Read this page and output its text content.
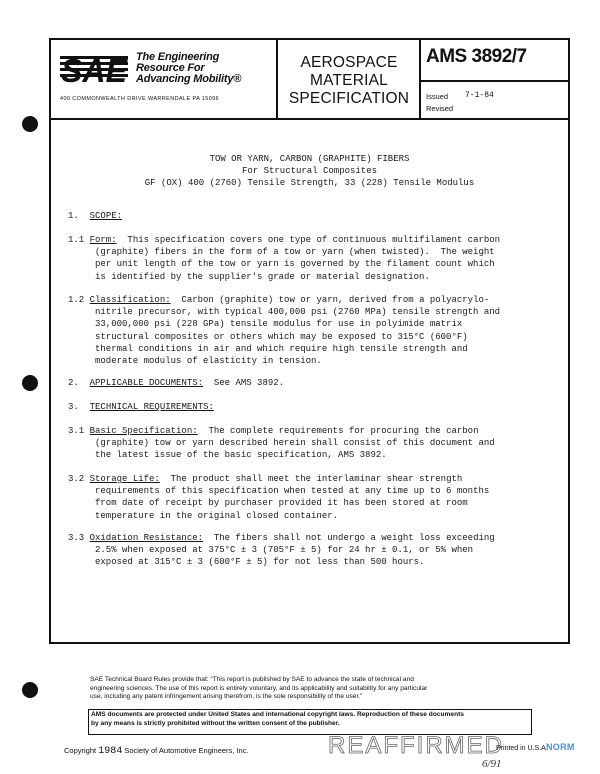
SAE The Engineering
Resource For
Advancing Mobility®
400 COMMONWEALTH DRIVE WARRENDALE PA 15096
AEROSPACE
MATERIAL
SPECIFICATION
AMS 3892/7
Issued 7-1-84
Revised
TOW OR YARN, CARBON (GRAPHITE) FIBERS
For Structural Composites
GF (OX) 400 (2760) Tensile Strength, 33 (228) Tensile Modulus
1. SCOPE:
1.1 Form:  This specification covers one type of continuous multifilament carbon
(graphite) fibers in the form of a tow or yarn (when twisted).  The weight
per unit length of the tow or yarn is governed by the filament count which
is identified by the supplier's grade or material designation.
1.2 Classification:  Carbon (graphite) tow or yarn, derived from a polyacrylo-
nitrile precursor, with typical 400,000 psi (2760 MPa) tensile strength and
33,000,000 psi (228 GPa) tensile modulus for use in polyimide matrix
structural composites or others which may be exposed to 315°C (600°F)
thermal conditions in air and which require high tensile strength and
moderate modulus of elasticity in tension.
2. APPLICABLE DOCUMENTS:  See AMS 3892.
3. TECHNICAL REQUIREMENTS:
3.1 Basic Specification:  The complete requirements for procuring the carbon
(graphite) tow or yarn described herein shall consist of this document and
the latest issue of the basic specification, AMS 3892.
3.2 Storage Life:  The product shall meet the interlaminar shear strength
requirements of this specification when tested at any time up to 6 months
from date of receipt by purchaser provided it has been stored at room
temperature in the original closed container.
3.3 Oxidation Resistance:  The fibers shall not undergo a weight loss exceeding
2.5% when exposed at 375°C ± 3 (705°F ± 5) for 24 hr ± 0.1, or 5% when
exposed at 315°C ± 3 (600°F ± 5) for not less than 500 hours.
SAE Technical Board Rules provide that: “This report is published by SAE to advance the state of technical and
engineering sciences. The use of this report is entirely voluntary, and its applicability and suitability for any particular
use, including any patent infringement arising therefrom, is the sole responsibility of the user.”
AMS documents are protected under United States and international copyright laws. Reproduction of these documents
by any means is strictly prohibited without the written consent of the publisher.
Copyright 1984 Society of Automotive Engineers, Inc.	REAFFIRMED
Printed in U.S.A.
6/91
NORM
